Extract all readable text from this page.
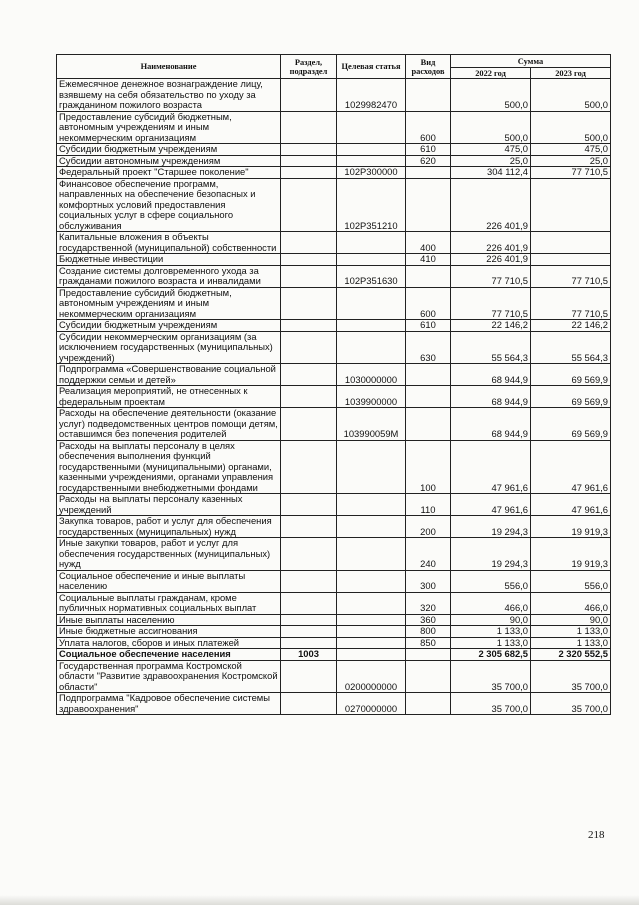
Наименование	Раздел, подраздел	Целевая статья	Вид расходов	Сумма	
				2022 год	2023 год
Ежемесячное денежное вознаграждение лицу, взявшему на себя обязательство по уходу за гражданином пожилого возраста		1029982470		500,0	500,0
Предоставление субсидий бюджетным, автономным учреждениям и иным некоммерческим организациям			600	500,0	500,0
Субсидии бюджетным учреждениям			610	475,0	475,0
Субсидии автономным учреждениям			620	25,0	25,0
Федеральный проект "Старшее поколение"		102P300000		304 112,4	77 710,5
Финансовое обеспечение программ, направленных на обеспечение безопасных и комфортных условий предоставления социальных услуг в сфере социального обслуживания		102P351210		226 401,9	
Капитальные вложения в объекты государственной (муниципальной) собственности			400	226 401,9	
Бюджетные инвестиции			410	226 401,9	
Создание системы долговременного ухода за гражданами пожилого возраста и инвалидами		102P351630		77 710,5	77 710,5
Предоставление субсидий бюджетным, автономным учреждениям и иным некоммерческим организациям			600	77 710,5	77 710,5
Субсидии бюджетным учреждениям			610	22 146,2	22 146,2
Субсидии некоммерческим организациям (за исключением государственных (муниципальных) учреждений)			630	55 564,3	55 564,3
Подпрограмма «Совершенствование социальной поддержки семьи и детей»		1030000000		68 944,9	69 569,9
Реализация мероприятий, не отнесенных к федеральным проектам		1039900000		68 944,9	69 569,9
Расходы на обеспечение деятельности (оказание услуг) подведомственных центров помощи детям, оставшимся без попечения родителей		103990059M		68 944,9	69 569,9
Расходы на выплаты персоналу в целях обеспечения выполнения функций государственными (муниципальными) органами, казенными учреждениями, органами управления государственными внебюджетными фондами			100	47 961,6	47 961,6
Расходы на выплаты персоналу казенных учреждений			110	47 961,6	47 961,6
Закупка товаров, работ и услуг для обеспечения государственных (муниципальных) нужд			200	19 294,3	19 919,3
Иные закупки товаров, работ и услуг для обеспечения государственных (муниципальных) нужд			240	19 294,3	19 919,3
Социальное обеспечение и иные выплаты населению			300	556,0	556,0
Социальные выплаты гражданам, кроме публичных нормативных социальных выплат			320	466,0	466,0
Иные выплаты населению			360	90,0	90,0
Иные бюджетные ассигнования			800	1 133,0	1 133,0
Уплата налогов, сборов и иных платежей			850	1 133,0	1 133,0
Социальное обеспечение населения	1003			2 305 682,5	2 320 552,5
Государственная программа Костромской области "Развитие здравоохранения Костромской области"		0200000000		35 700,0	35 700,0
Подпрограмма "Кадровое обеспечение системы здравоохранения"		0270000000		35 700,0	35 700,0
218
